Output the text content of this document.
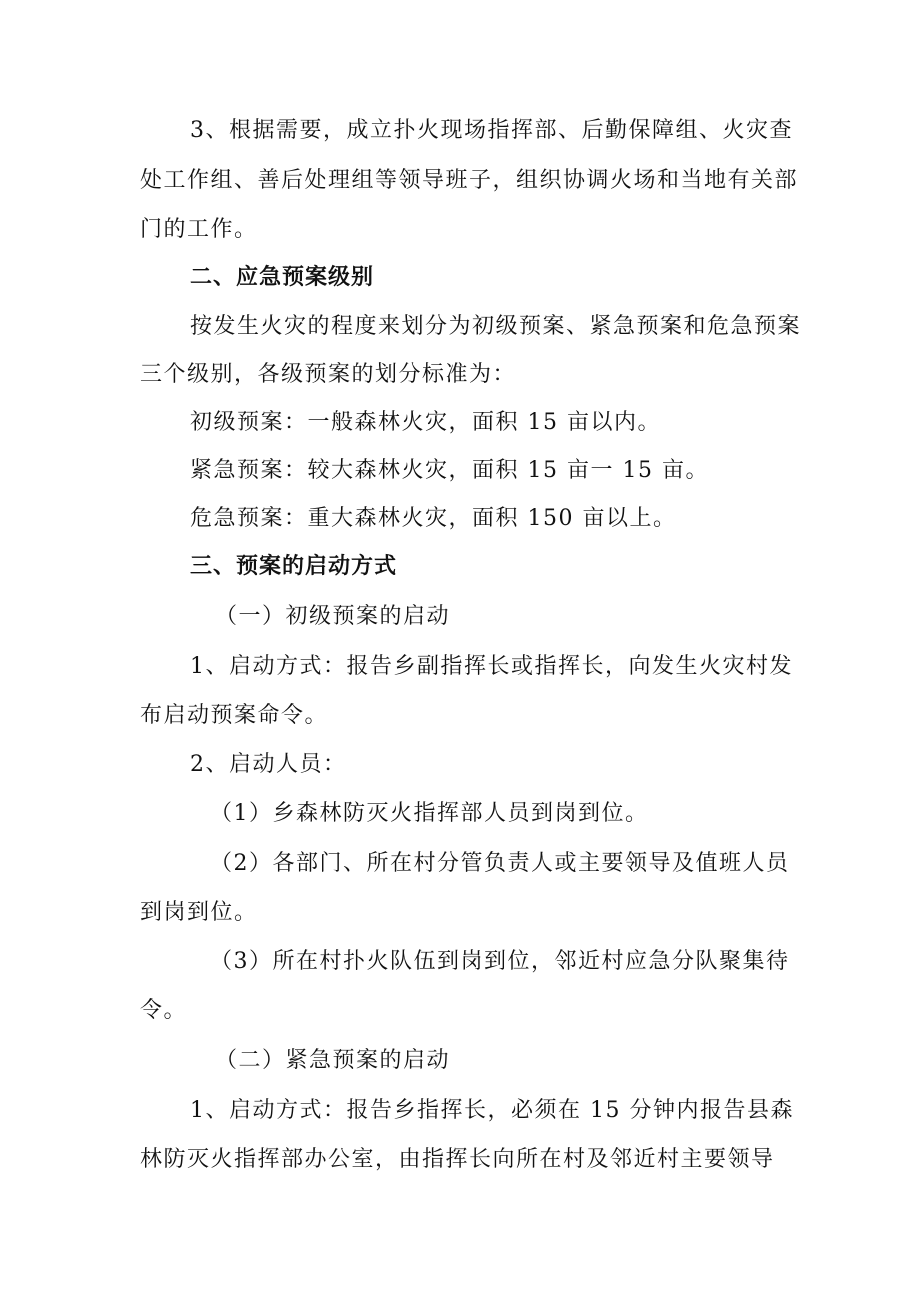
3、根据需要，成立扑火现场指挥部、后勤保障组、火灾查
处工作组、善后处理组等领导班子，组织协调火场和当地有关部
门的工作。
二、应急预案级别
按发生火灾的程度来划分为初级预案、紧急预案和危急预案
三个级别，各级预案的划分标准为：
初级预案：一般森林火灾，面积 15 亩以内。
紧急预案：较大森林火灾，面积 15 亩一 15 亩。
危急预案：重大森林火灾，面积 150 亩以上。
三、预案的启动方式
（一）初级预案的启动
1、启动方式：报告乡副指挥长或指挥长，向发生火灾村发
布启动预案命令。
2、启动人员：
（1）乡森林防灭火指挥部人员到岗到位。
（2）各部门、所在村分管负责人或主要领导及值班人员
到岗到位。
（3）所在村扑火队伍到岗到位，邻近村应急分队聚集待
令。
（二）紧急预案的启动
1、启动方式：报告乡指挥长，必须在 15 分钟内报告县森
林防灭火指挥部办公室，由指挥长向所在村及邻近村主要领导
